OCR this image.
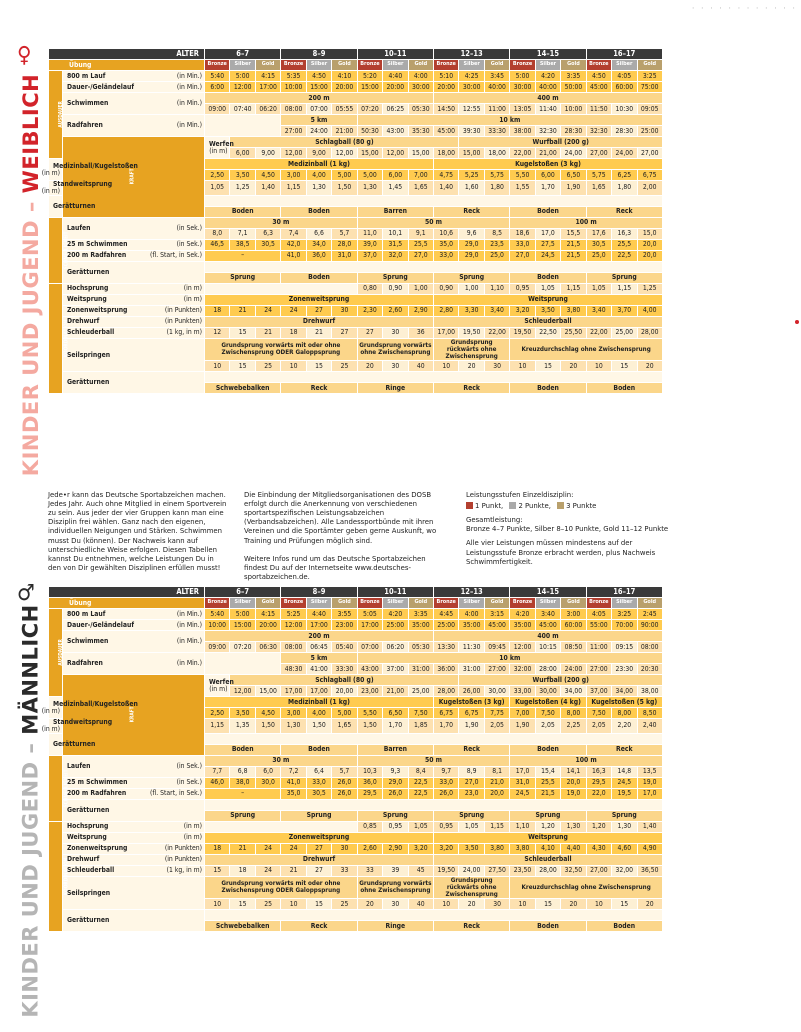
· · · · · · · · · · · ·
♀
KINDER UND JUGEND – WEIBLICH
ALTER		6–7			8–9			10–11			12–13			14–15			16–17			
Übung		Bronze	Silber	Gold	Bronze	Silber	Gold	Bronze	Silber	Gold	Bronze	Silber	Gold	Bronze	Silber	Gold	Bronze	Silber	Gold	
AUSDAUER	800 m Lauf (in Min.)	5:40	5:00	4:15	5:35	4:50	4:10	5:20	4:40	4:00	5:10	4:25	3:45	5:00	4:20	3:35	4:50	4:05	3:25	
	Dauer-/Geländelauf (in Min.)	6:00	12:00	17:00	10:00	15:00	20:00	15:00	20:00	30:00	20:00	30:00	40:00	30:00	40:00	50:00	45:00	60:00	75:00	
	Schwimmen (in Min.)	200 m									400 m									
		09:00	07:40	06:20	08:00	07:00	05:55	07:20	06:25	05:30	14:50	12:55	11:00	13:05	11:40	10:00	11:50	10:30	09:05	
	Radfahren (in Min.)				5 km			10 km												
					27:00	24:00	21:00	50:30	43:00	35:30	45:00	39:30	33:30	38:00	32:30	28:30	32:30	28:30	25:00	
	KRAFT	Werfen
(in m)	Schlagball (80 g)									Wurfball (200 g)								
			6,00	9,00	12,00	9,00	12,00	15,00	12,00	15,00	18,00	15,00	18,00	22,00	21,00	24,00	27,00	24,00	27,00	
Medizinball/Kugelstoßen
(in m)		Medizinball (1 kg)									Kugelstoßen (3 kg)									
		2,50	3,50	4,50	3,00	4,00	5,00	5,00	6,00	7,00	4,75	5,25	5,75	5,50	6,00	6,50	5,75	6,25	6,75	
Standweitsprung
(in m)		1,05	1,25	1,40	1,15	1,30	1,50	1,30	1,45	1,65	1,40	1,60	1,80	1,55	1,70	1,90	1,65	1,80	2,00	
Gerätturnen																				
		Boden			Boden			Barren			Reck			Boden			Reck			
SCHNELLIGKEIT	Laufen (in Sek.)	30 m						50 m						100 m						
		8,0	7,1	6,3	7,4	6,6	5,7	11,0	10,1	9,1	10,6	9,6	8,5	18,6	17,0	15,5	17,6	16,3	15,0	
	25 m Schwimmen (in Sek.)	46,5	38,5	30,5	42,0	34,0	28,0	39,0	31,5	25,5	35,0	29,0	23,5	33,0	27,5	21,5	30,5	25,5	20,0	
	200 m Radfahren (fl. Start, in Sek.)	–			41,0	36,0	31,0	37,0	32,0	27,0	33,0	29,0	25,0	27,0	24,5	21,5	25,0	22,5	20,0	
	Gerätturnen																			
		Sprung			Boden			Sprung			Sprung			Boden			Sprung			
KOORDINATION	Hochsprung (in m)							0,80	0,90	1,00	0,90	1,00	1,10	0,95	1,05	1,15	1,05	1,15	1,25	
	Weitsprung (in m)	Zonenweitsprung									Weitsprung									
	Zonenweitsprung (in Punkten)	18	21	24	24	27	30	2,30	2,60	2,90	2,80	3,30	3,40	3,20	3,50	3,80	3,40	3,70	4,00	
	Drehwurf (in Punkten)	Drehwurf									Schleuderball									
	Schleuderball (1 kg, in m)	12	15	21	18	21	27	27	30	36	17,00	19,50	22,00	19,50	22,50	25,50	22,00	25,00	28,00	
	Seilspringen	Grundsprung vorwärts mit oder ohne Zwischensprung ODER Galoppsprung						Grundsprung vorwärts ohne Zwischensprung			Grundsprung rückwärts ohne Zwischensprung			Kreuzdurchschlag ohne Zwischensprung						
		10	15	25	10	15	25	20	30	40	10	20	30	10	15	20	10	15	20	
	Gerätturnen																			
		Schwebebalken			Reck			Ringe			Reck			Boden			Boden			
Jede•r kann das Deutsche Sportabzeichen machen. Jedes Jahr. Auch ohne Mitglied in einem Sportverein zu sein. Aus jeder der vier Gruppen kann man eine Disziplin frei wählen. Ganz nach den eigenen, individuellen Neigungen und Stärken. Schwimmen musst Du (können). Der Nachweis kann auf unterschiedliche Weise erfolgen. Diesen Tabellen kannst Du entnehmen, welche Leistungen Du in den von Dir gewählten Disziplinen erfüllen musst!
Die Einbindung der Mitgliedsorganisationen des DOSB erfolgt durch die Anerkennung von verschiedenen sportartspezifischen Leistungsabzeichen (Verbandsabzeichen). Alle Landessportbünde mit ihren Vereinen und die Sportämter geben gerne Auskunft, wo Training und Prüfungen möglich sind.
Weitere Infos rund um das Deutsche Sportabzeichen findest Du auf der Internetseite www.deutsches-sportabzeichen.de.
Leistungsstufen Einzeldisziplin:
1 Punkt, 2 Punkte, 3 Punkte
Gesamtleistung:
Bronze 4–7 Punkte, Silber 8–10 Punkte, Gold 11–12 Punkte
Alle vier Leistungen müssen mindestens auf der Leistungsstufe Bronze erbracht werden, plus Nachweis Schwimmfertigkeit.
♂
KINDER UND JUGEND – MÄNNLICH
ALTER		6–7			8–9			10–11			12–13			14–15			16–17			
Übung		Bronze	Silber	Gold	Bronze	Silber	Gold	Bronze	Silber	Gold	Bronze	Silber	Gold	Bronze	Silber	Gold	Bronze	Silber	Gold	
AUSDAUER	800 m Lauf (in Min.)	5:40	5:00	4:15	5:25	4:40	3:55	5:05	4:20	3:35	4:45	4:00	3:15	4:20	3:40	3:00	4:05	3:25	2:45	
	Dauer-/Geländelauf (in Min.)	10:00	15:00	20:00	12:00	17:00	23:00	17:00	25:00	35:00	25:00	35:00	45:00	35:00	45:00	60:00	55:00	70:00	90:00	
	Schwimmen (in Min.)	200 m									400 m									
		09:00	07:20	06:30	08:00	06:45	05:40	07:00	06:20	05:30	13:30	11:30	09:45	12:00	10:15	08:50	11:00	09:15	08:00	
	Radfahren (in Min.)				5 km			10 km												
					48:30	41:00	33:30	43:00	37:00	31:00	36:00	31:00	27:00	32:00	28:00	24:00	27:00	23:30	20:30	
	KRAFT	Werfen
(in m)	Schlagball (80 g)									Wurfball (200 g)								
			12,00	15,00	17,00	17,00	20,00	23,00	21,00	25,00	28,00	26,00	30,00	33,00	30,00	34,00	37,00	34,00	38,00	
Medizinball/Kugelstoßen
(in m)		Medizinball (1 kg)									Kugelstoßen (3 kg)			Kugelstoßen (4 kg)			Kugelstoßen (5 kg)			
		2,50	3,50	4,50	3,00	4,00	5,00	5,50	6,50	7,50	6,75	6,75	7,75	7,00	7,50	8,00	7,50	8,00	8,50	
Standweitsprung
(in m)		1,15	1,35	1,50	1,30	1,50	1,65	1,50	1,70	1,85	1,70	1,90	2,05	1,90	2,05	2,25	2,05	2,20	2,40	
Gerätturnen																				
		Boden			Boden			Barren			Reck			Boden			Reck			
SCHNELLIGKEIT	Laufen (in Sek.)	30 m						50 m						100 m						
		7,7	6,8	6,0	7,2	6,4	5,7	10,3	9,3	8,4	9,7	8,9	8,1	17,0	15,4	14,1	16,3	14,8	13,5	
	25 m Schwimmen (in Sek.)	46,0	38,0	30,0	41,0	33,0	26,0	36,0	29,0	22,5	33,0	27,0	21,0	31,0	25,5	20,0	29,5	24,5	19,0	
	200 m Radfahren (fl. Start, in Sek.)	–			35,0	30,5	26,0	29,5	26,0	22,5	26,0	23,0	20,0	24,5	21,5	19,0	22,0	19,5	17,0	
	Gerätturnen																			
		Sprung			Sprung			Sprung			Sprung			Sprung			Sprung			
KOORDINATION	Hochsprung (in m)							0,85	0,95	1,05	0,95	1,05	1,15	1,10	1,20	1,30	1,20	1,30	1,40	
	Weitsprung (in m)	Zonenweitsprung									Weitsprung									
	Zonenweitsprung (in Punkten)	18	21	24	24	27	30	2,60	2,90	3,20	3,20	3,50	3,80	3,80	4,10	4,40	4,30	4,60	4,90	
	Drehwurf (in Punkten)	Drehwurf									Schleuderball									
	Schleuderball (1 kg, in m)	15	18	24	21	27	33	33	39	45	19,50	24,00	27,50	23,50	28,00	32,50	27,00	32,00	36,50	
	Seilspringen	Grundsprung vorwärts mit oder ohne Zwischensprung ODER Galoppsprung						Grundsprung vorwärts ohne Zwischensprung			Grundsprung rückwärts ohne Zwischensprung			Kreuzdurchschlag ohne Zwischensprung						
		10	15	25	10	15	25	20	30	40	10	20	30	10	15	20	10	15	20	
	Gerätturnen																			
		Schwebebalken			Reck			Ringe			Reck			Boden			Boden			
